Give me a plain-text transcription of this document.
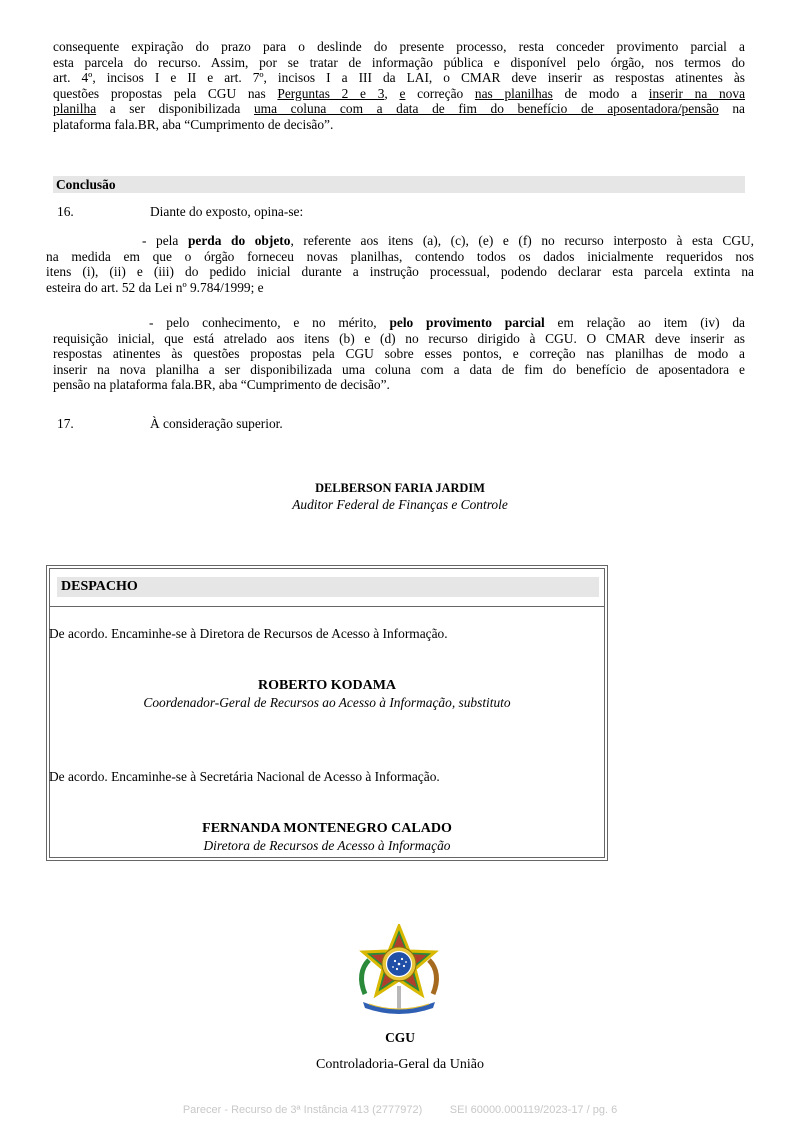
consequente expiração do prazo para o deslinde do presente processo, resta conceder provimento parcial a
esta parcela do recurso. Assim, por se tratar de informação pública e disponível pelo órgão, nos termos do
art. 4º, incisos I e II e art. 7º, incisos I a III da LAI, o CMAR deve inserir as respostas atinentes às
questões propostas pela CGU nas Perguntas 2 e 3, e correção nas planilhas de modo a inserir na nova
planilha a ser disponibilizada uma coluna com a data de fim do benefício de aposentadora/pensão na
plataforma fala.BR, aba “Cumprimento de decisão”.
Conclusão
16.	Diante do exposto, opina-se:
- pela perda do objeto, referente aos itens (a), (c), (e) e (f) no recurso interposto à esta CGU,
na medida em que o órgão forneceu novas planilhas, contendo todos os dados inicialmente requeridos nos
itens (i), (ii) e (iii) do pedido inicial durante a instrução processual, podendo declarar esta parcela extinta na
esteira do art. 52 da Lei nº 9.784/1999; e
- pelo conhecimento, e no mérito, pelo provimento parcial em relação ao item (iv) da
requisição inicial, que está atrelado aos itens (b) e (d) no recurso dirigido à CGU. O CMAR deve inserir as
respostas atinentes às questões propostas pela CGU sobre esses pontos, e correção nas planilhas de modo a
inserir na nova planilha a ser disponibilizada uma coluna com a data de fim do benefício de aposentadora e
pensão na plataforma fala.BR, aba “Cumprimento de decisão”.
17.	À consideração superior.
DELBERSON FARIA JARDIM
Auditor Federal de Finanças e Controle
DESPACHO
De acordo. Encaminhe-se à Diretora de Recursos de Acesso à Informação.
ROBERTO KODAMA
Coordenador-Geral de Recursos ao Acesso à Informação, substituto
De acordo. Encaminhe-se à Secretária Nacional de Acesso à Informação.
FERNANDA MONTENEGRO CALADO
Diretora de Recursos de Acesso à Informação
CGU
Controladoria-Geral da União
Parecer - Recurso de 3ª Instância 413 (2777972)         SEI 60000.000119/2023-17 / pg. 6
